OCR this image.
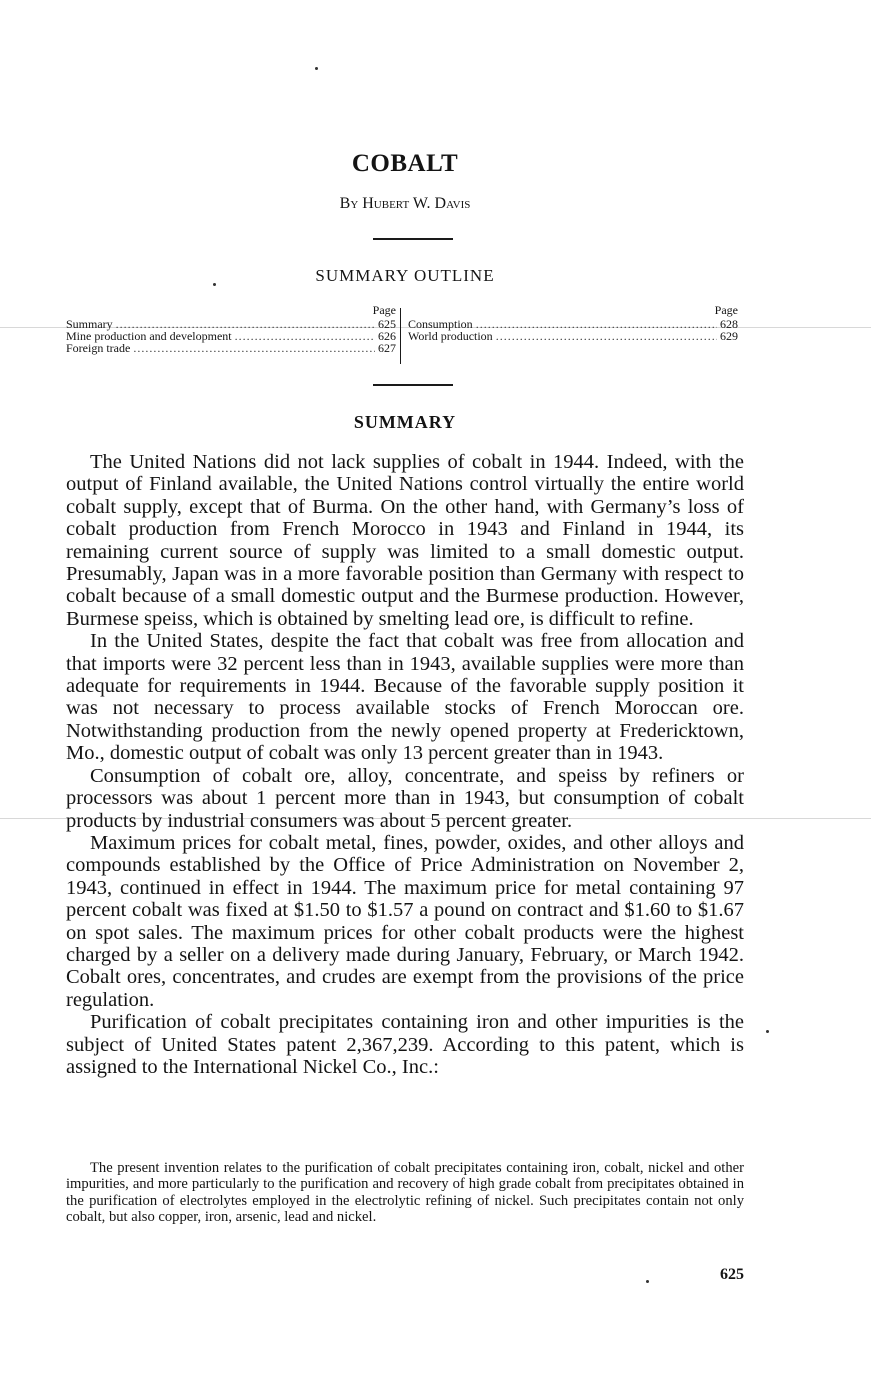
COBALT
By Hubert W. Davis
SUMMARY OUTLINE
Page
Summary .....	625
Mine production and development .....	626
Foreign trade .....	627
Page
Consumption .....	628
World production .....	629
SUMMARY

The United Nations did not lack supplies of cobalt in 1944. Indeed, with the output of Finland available, the United Nations control virtually the entire world cobalt supply, except that of Burma. On the other hand, with Germany’s loss of cobalt production from French Morocco in 1943 and Finland in 1944, its remaining current source of supply was limited to a small domestic output. Presumably, Japan was in a more favorable position than Germany with respect to cobalt because of a small domestic output and the Burmese production. However, Burmese speiss, which is obtained by smelting lead ore, is difficult to refine.

In the United States, despite the fact that cobalt was free from allocation and that imports were 32 percent less than in 1943, available supplies were more than adequate for requirements in 1944. Because of the favorable supply position it was not necessary to process available stocks of French Moroccan ore. Notwithstanding production from the newly opened property at Fredericktown, Mo., domestic output of cobalt was only 13 percent greater than in 1943.

Consumption of cobalt ore, alloy, concentrate, and speiss by refiners or processors was about 1 percent more than in 1943, but consumption of cobalt products by industrial consumers was about 5 percent greater.

Maximum prices for cobalt metal, fines, powder, oxides, and other alloys and compounds established by the Office of Price Administration on November 2, 1943, continued in effect in 1944. The maximum price for metal containing 97 percent cobalt was fixed at $1.50 to $1.57 a pound on contract and $1.60 to $1.67 on spot sales. The maximum prices for other cobalt products were the highest charged by a seller on a delivery made during January, February, or March 1942. Cobalt ores, concentrates, and crudes are exempt from the provisions of the price regulation.

Purification of cobalt precipitates containing iron and other impurities is the subject of United States patent 2,367,239. According to this patent, which is assigned to the International Nickel Co., Inc.:

The present invention relates to the purification of cobalt precipitates containing iron, cobalt, nickel and other impurities, and more particularly to the purification and recovery of high grade cobalt from precipitates obtained in the purification of electrolytes employed in the electrolytic refining of nickel. Such precipitates contain not only cobalt, but also copper, iron, arsenic, lead and nickel.

625
